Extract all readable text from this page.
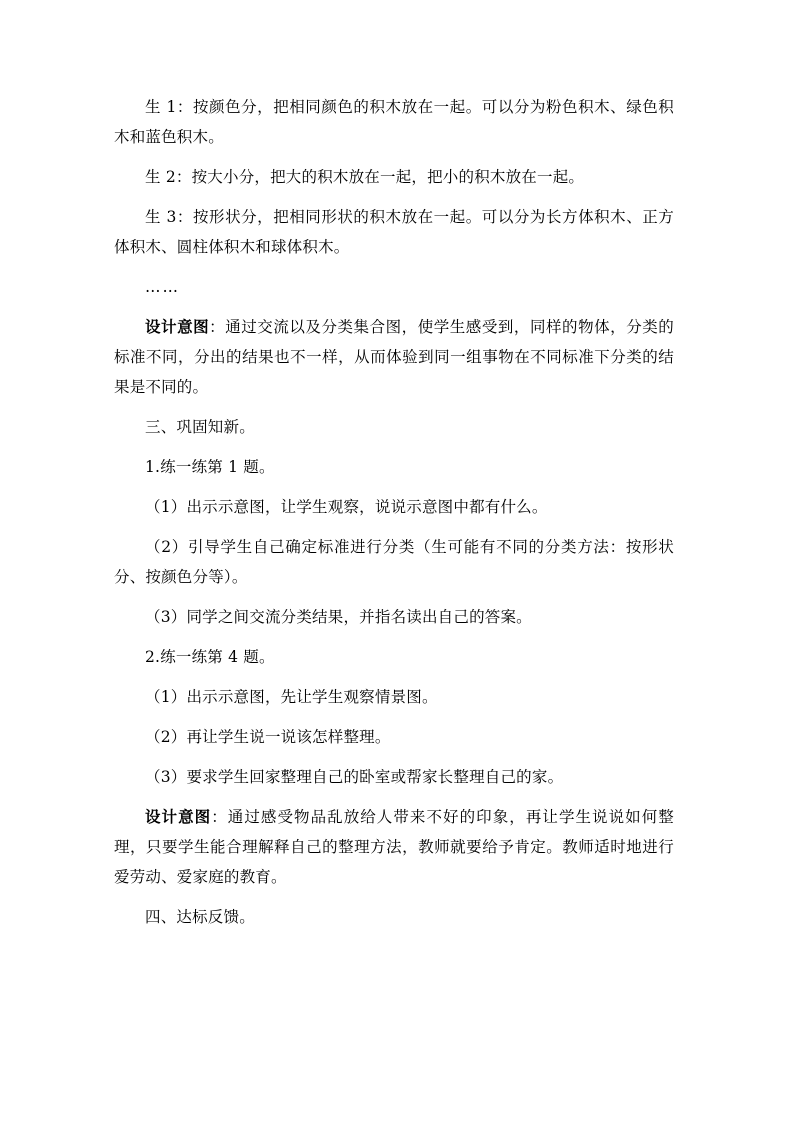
生 1：按颜色分，把相同颜色的积木放在一起。可以分为粉色积木、绿色积木和蓝色积木。

生 2：按大小分，把大的积木放在一起，把小的积木放在一起。

生 3：按形状分，把相同形状的积木放在一起。可以分为长方体积木、正方体积木、圆柱体积木和球体积木。

……

设计意图：通过交流以及分类集合图，使学生感受到，同样的物体，分类的标准不同，分出的结果也不一样，从而体验到同一组事物在不同标准下分类的结果是不同的。

三、巩固知新。

1.练一练第 1 题。

（1）出示示意图，让学生观察，说说示意图中都有什么。

（2）引导学生自己确定标准进行分类（生可能有不同的分类方法：按形状分、按颜色分等）。

（3）同学之间交流分类结果，并指名读出自己的答案。

2.练一练第 4 题。

（1）出示示意图，先让学生观察情景图。

（2）再让学生说一说该怎样整理。

（3）要求学生回家整理自己的卧室或帮家长整理自己的家。

设计意图：通过感受物品乱放给人带来不好的印象，再让学生说说如何整理，只要学生能合理解释自己的整理方法，教师就要给予肯定。教师适时地进行爱劳动、爱家庭的教育。

四、达标反馈。
